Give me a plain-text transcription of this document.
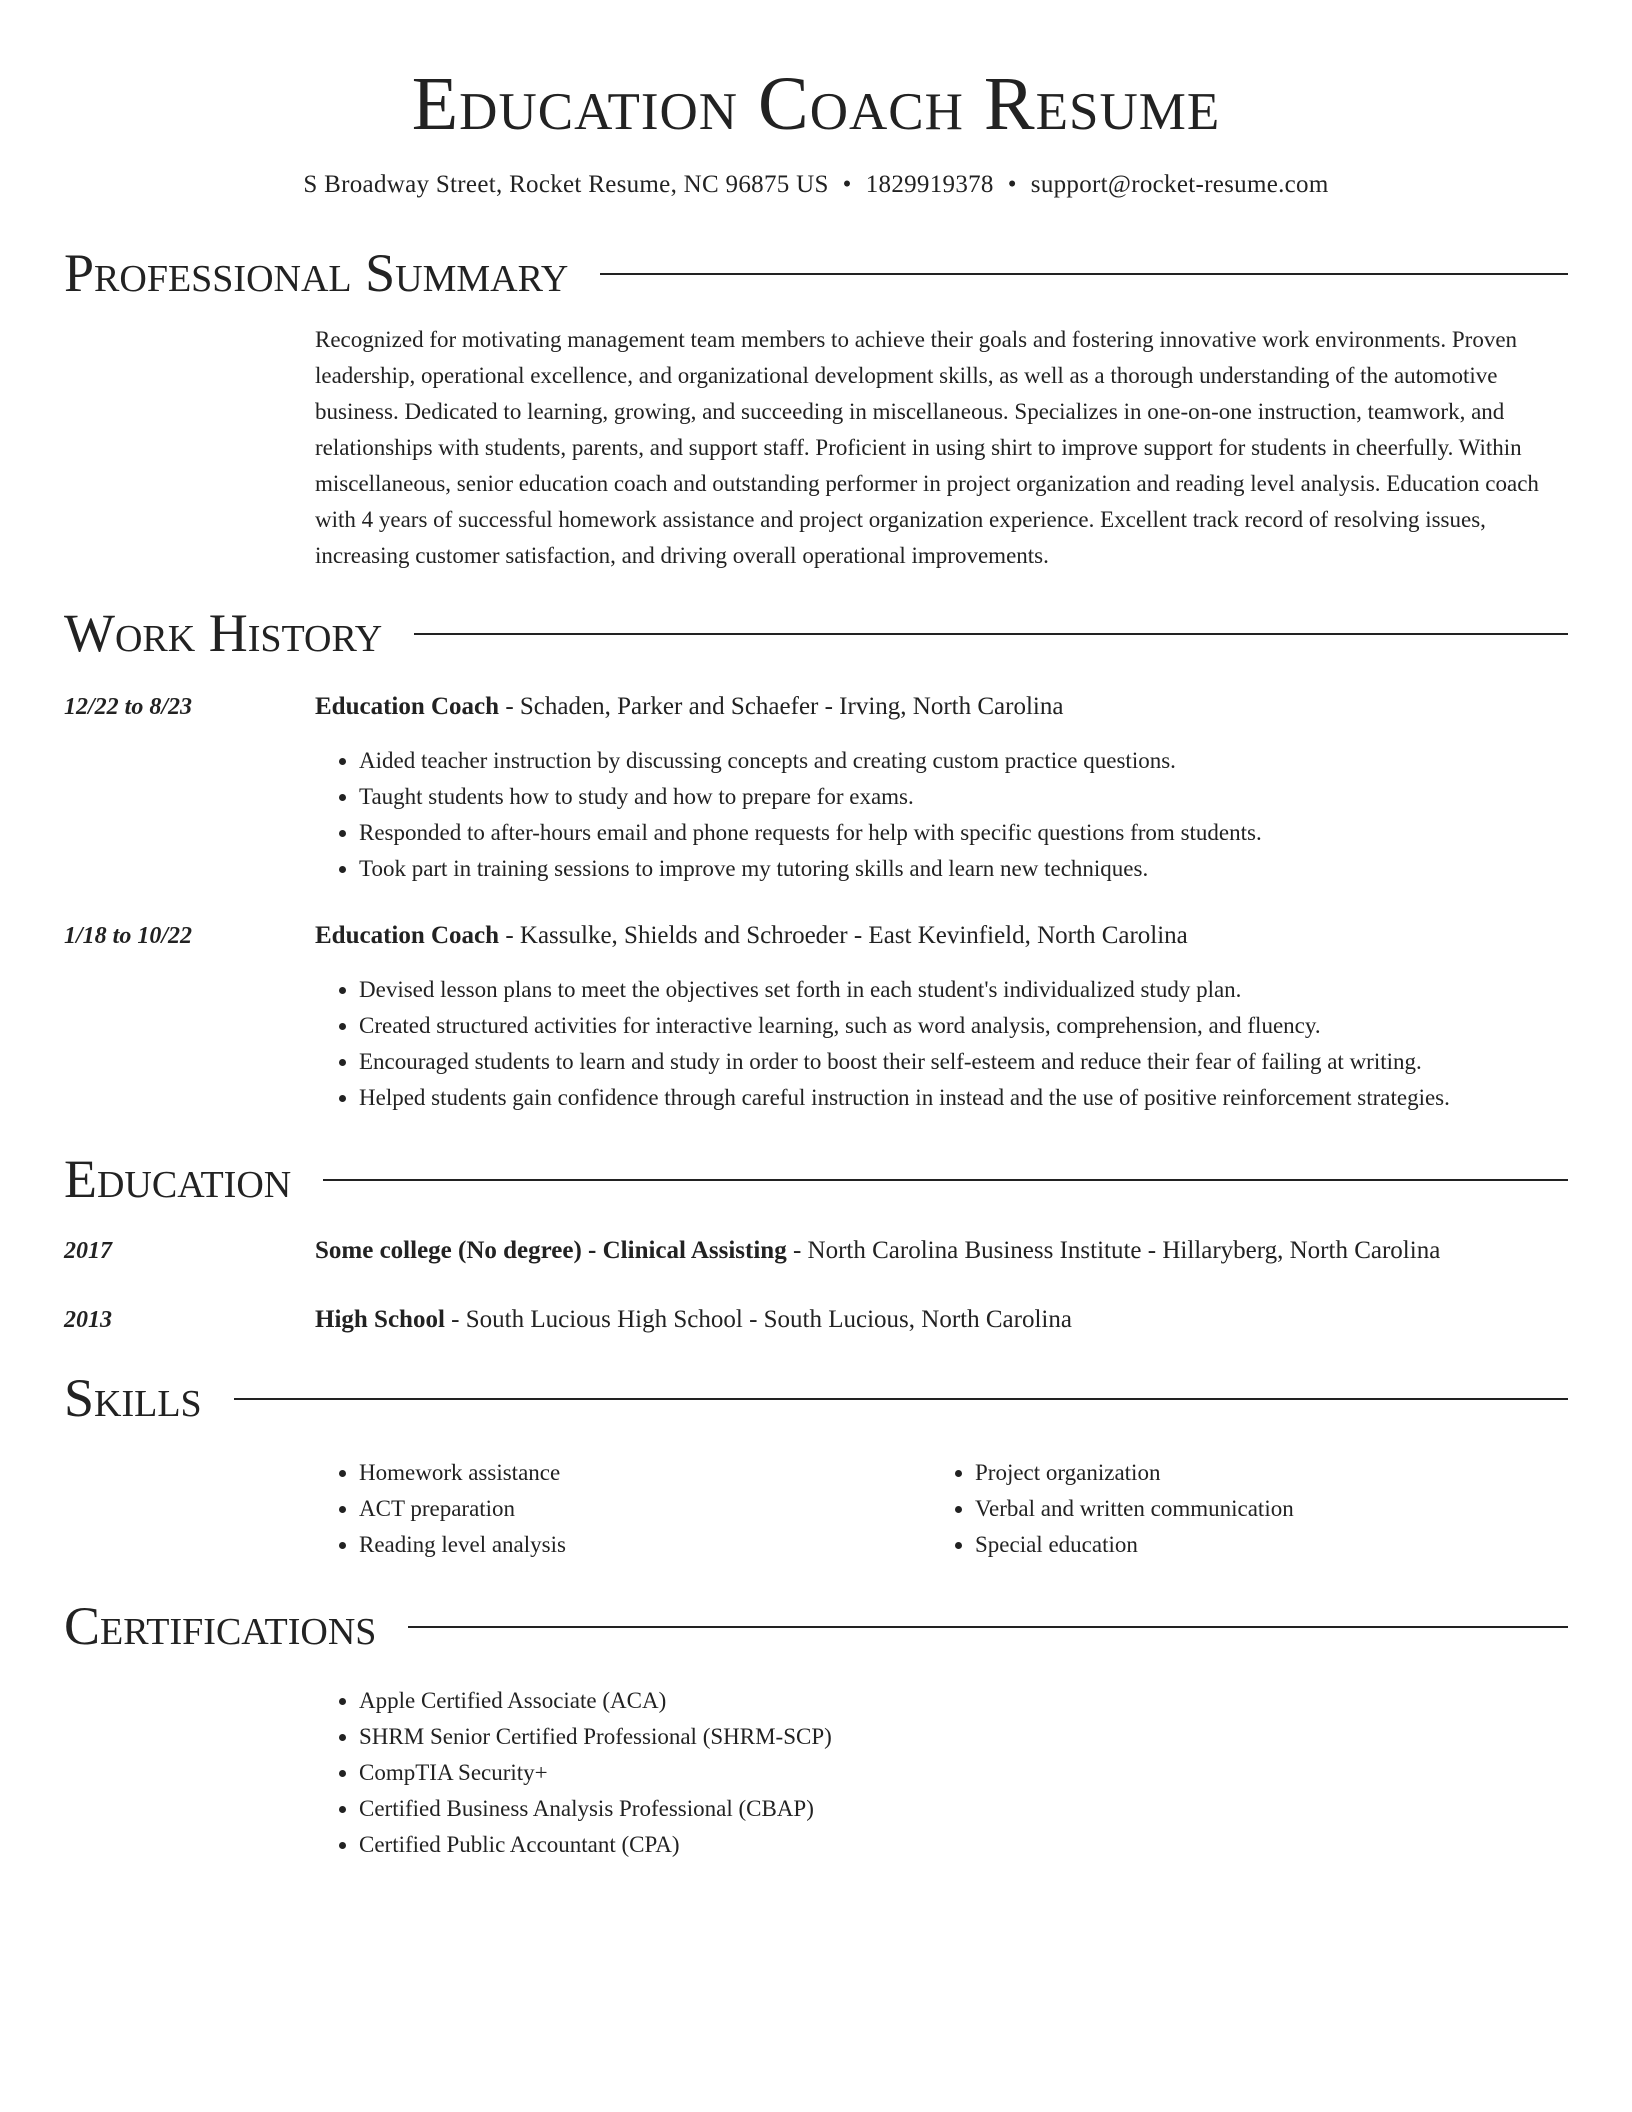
Education Coach Resume
S Broadway Street, Rocket Resume, NC 96875 US • 1829919378 • support@rocket-resume.com
Professional Summary

Recognized for motivating management team members to achieve their goals and fostering innovative work environments. Proven leadership, operational excellence, and organizational development skills, as well as a thorough understanding of the automotive business. Dedicated to learning, growing, and succeeding in miscellaneous. Specializes in one-on-one instruction, teamwork, and relationships with students, parents, and support staff. Proficient in using shirt to improve support for students in cheerfully. Within miscellaneous, senior education coach and outstanding performer in project organization and reading level analysis. Education coach with 4 years of successful homework assistance and project organization experience. Excellent track record of resolving issues, increasing customer satisfaction, and driving overall operational improvements.

Work History
12/22 to 8/23	Education Coach - Schaden, Parker and Schaefer - Irving, North Carolina
• Aided teacher instruction by discussing concepts and creating custom practice questions.
• Taught students how to study and how to prepare for exams.
• Responded to after-hours email and phone requests for help with specific questions from students.
• Took part in training sessions to improve my tutoring skills and learn new techniques.
1/18 to 10/22	Education Coach - Kassulke, Shields and Schroeder - East Kevinfield, North Carolina
• Devised lesson plans to meet the objectives set forth in each student's individualized study plan.
• Created structured activities for interactive learning, such as word analysis, comprehension, and fluency.
• Encouraged students to learn and study in order to boost their self-esteem and reduce their fear of failing at writing.
• Helped students gain confidence through careful instruction in instead and the use of positive reinforcement strategies.
Education
2017	Some college (No degree) - Clinical Assisting - North Carolina Business Institute - Hillaryberg, North Carolina
2013	High School - South Lucious High School - South Lucious, North Carolina
Skills
• Homework assistance
• ACT preparation
• Reading level analysis
• Project organization
• Verbal and written communication
• Special education
Certifications
• Apple Certified Associate (ACA)
• SHRM Senior Certified Professional (SHRM-SCP)
• CompTIA Security+
• Certified Business Analysis Professional (CBAP)
• Certified Public Accountant (CPA)
